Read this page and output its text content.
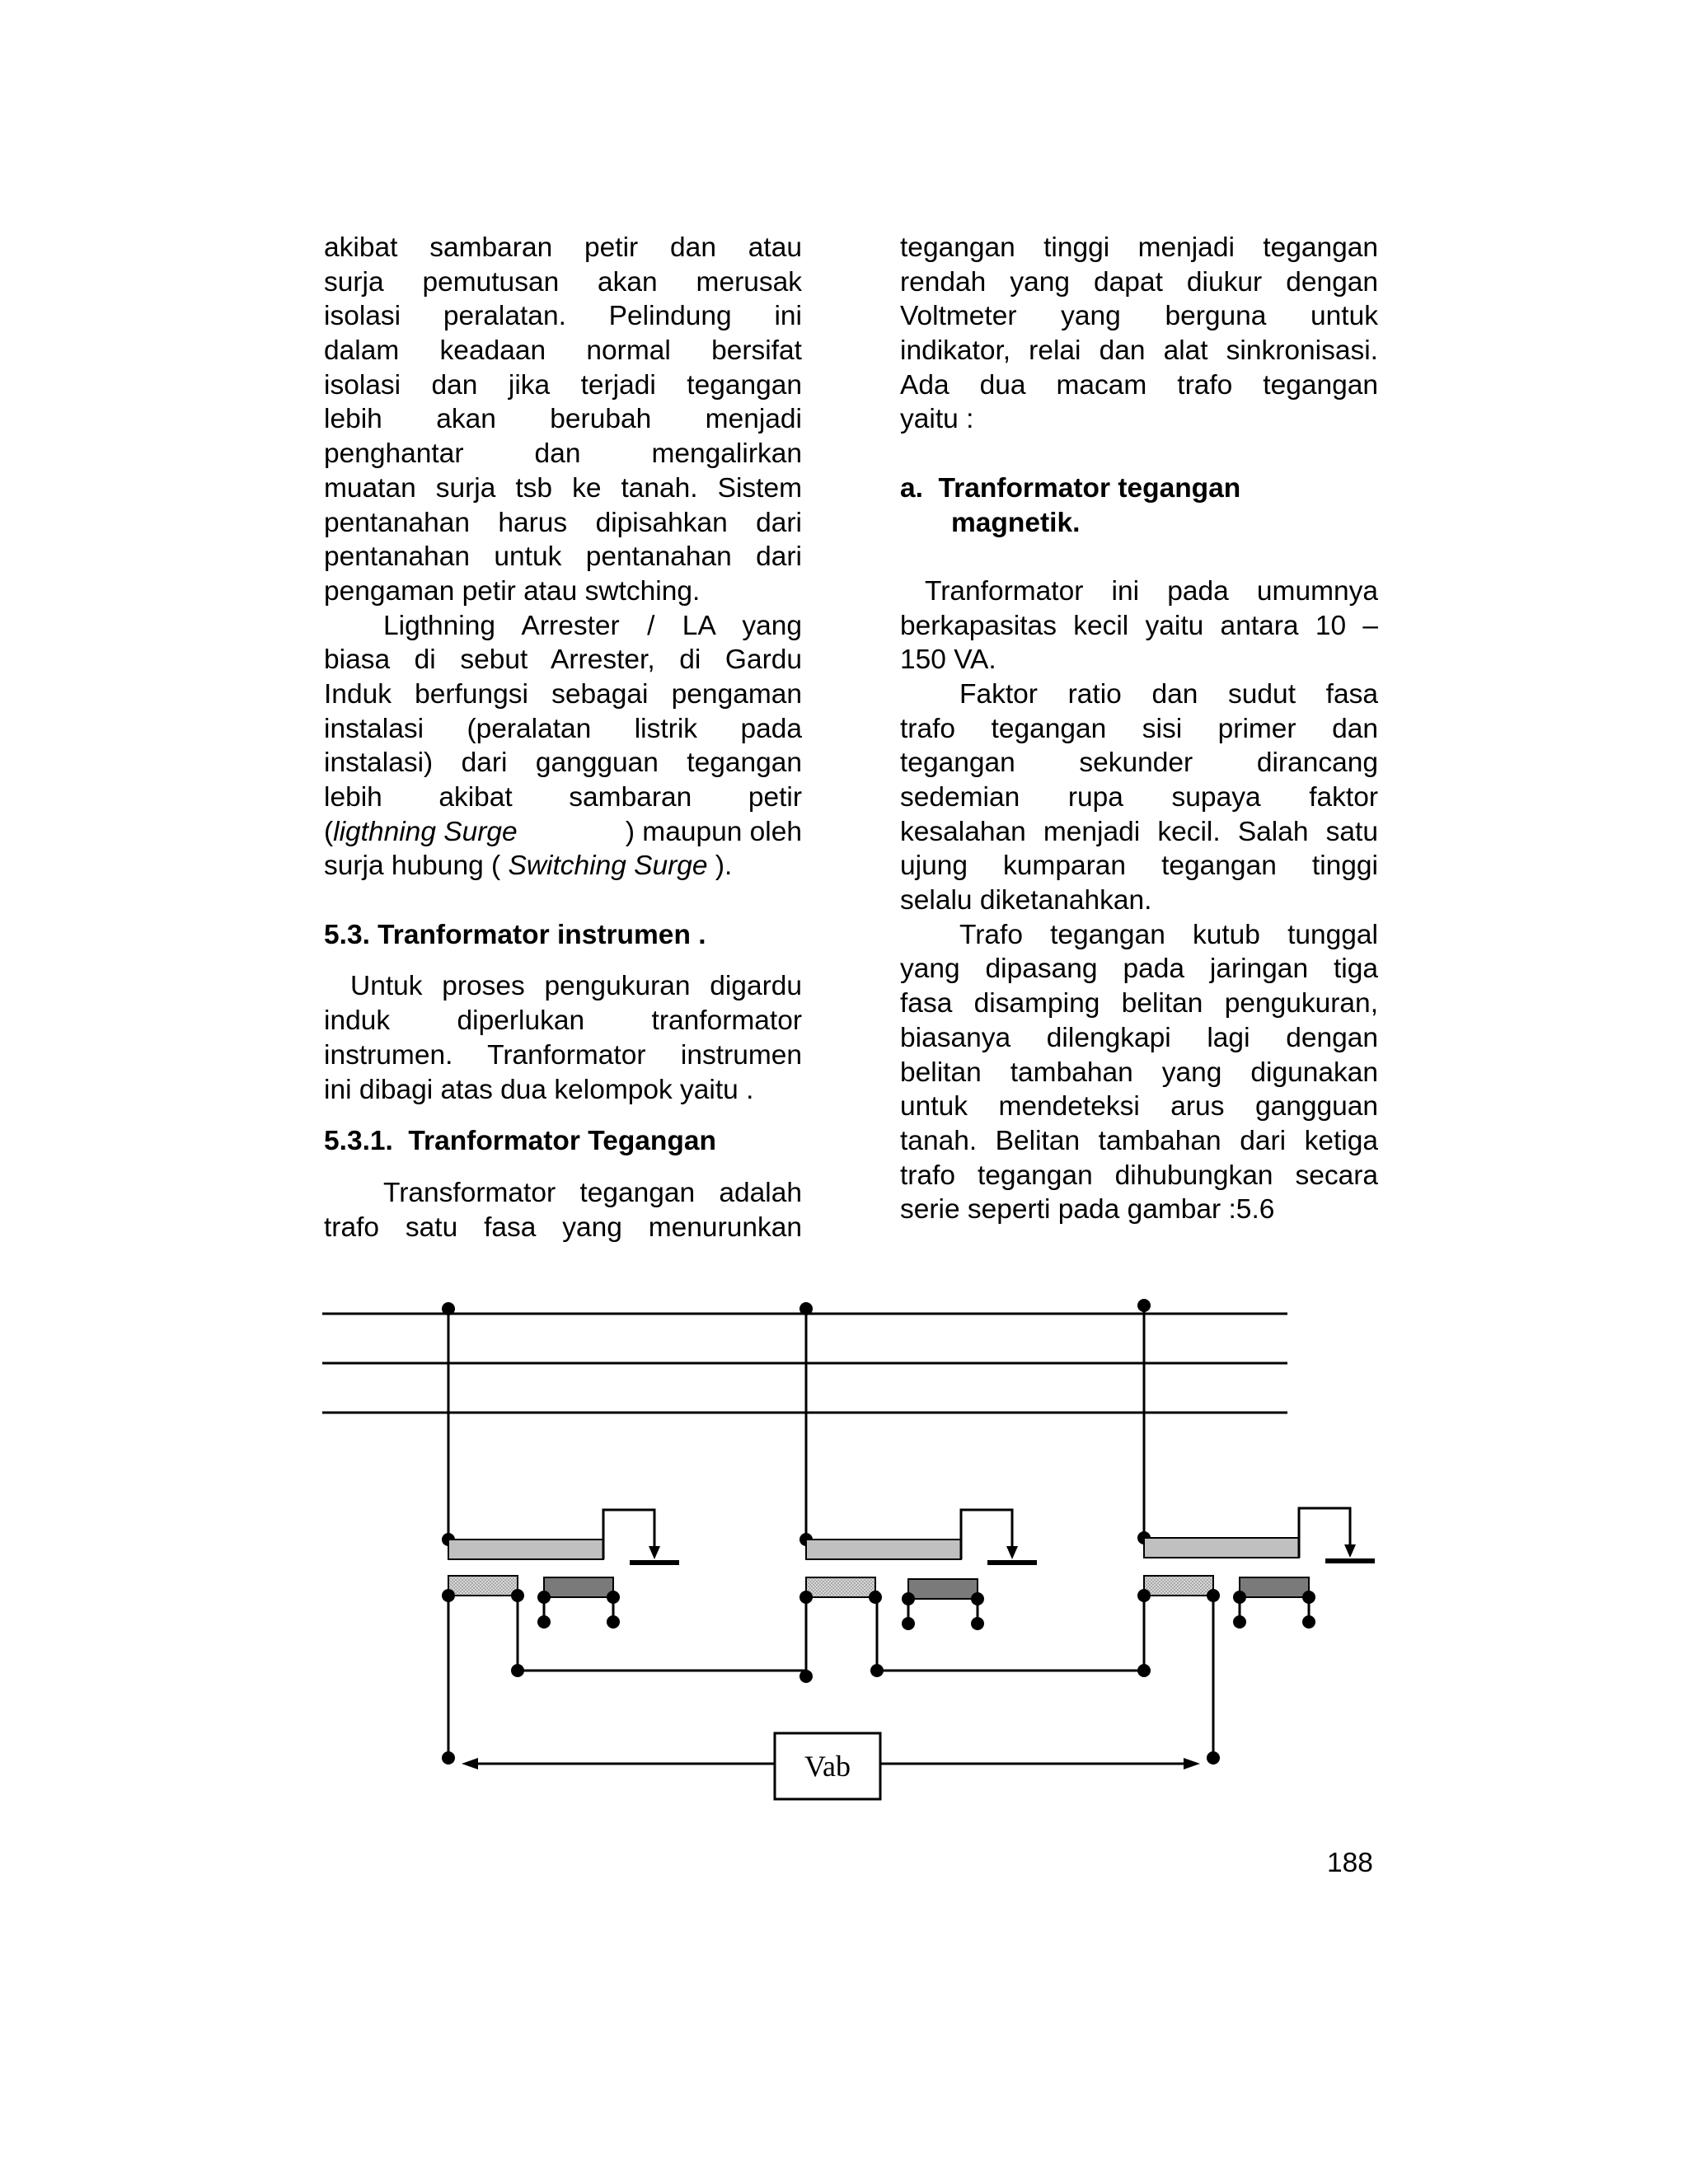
akibat sambaran petir dan atau
surja pemutusan akan merusak
isolasi peralatan. Pelindung ini
dalam keadaan normal bersifat
isolasi dan jika terjadi tegangan
lebih akan berubah menjadi
penghantar dan mengalirkan
muatan surja tsb ke tanah. Sistem
pentanahan harus dipisahkan dari
pentanahan untuk pentanahan dari
pengaman petir atau swtching.
Ligthning Arrester / LA yang
biasa di sebut Arrester, di Gardu
Induk berfungsi sebagai pengaman
instalasi (peralatan listrik pada
instalasi) dari gangguan tegangan
lebih akibat sambaran petir
(ligthning Surge	) maupun oleh
surja hubung ( Switching Surge ).
5.3. Tranformator instrumen .
Untuk proses pengukuran digardu
induk diperlukan tranformator
instrumen. Tranformator instrumen
ini dibagi atas dua kelompok yaitu .
5.3.1.  Tranformator Tegangan
Transformator tegangan adalah
trafo satu fasa yang menurunkan
tegangan tinggi menjadi tegangan
rendah yang dapat diukur dengan
Voltmeter yang berguna untuk
indikator, relai dan alat sinkronisasi.
Ada dua macam trafo tegangan
yaitu :
a.  Tranformator tegangan
magnetik.
Tranformator ini pada umumnya
berkapasitas kecil yaitu antara 10 –
150 VA.
Faktor ratio dan sudut fasa
trafo tegangan sisi primer dan
tegangan sekunder dirancang
sedemian rupa supaya faktor
kesalahan menjadi kecil. Salah satu
ujung kumparan tegangan tinggi
selalu diketanahkan.
Trafo tegangan kutub tunggal
yang dipasang pada jaringan tiga
fasa disamping belitan pengukuran,
biasanya dilengkapi lagi dengan
belitan tambahan yang digunakan
untuk mendeteksi arus gangguan
tanah. Belitan tambahan dari ketiga
trafo tegangan dihubungkan secara
serie seperti pada gambar :5.6
Vab
188
